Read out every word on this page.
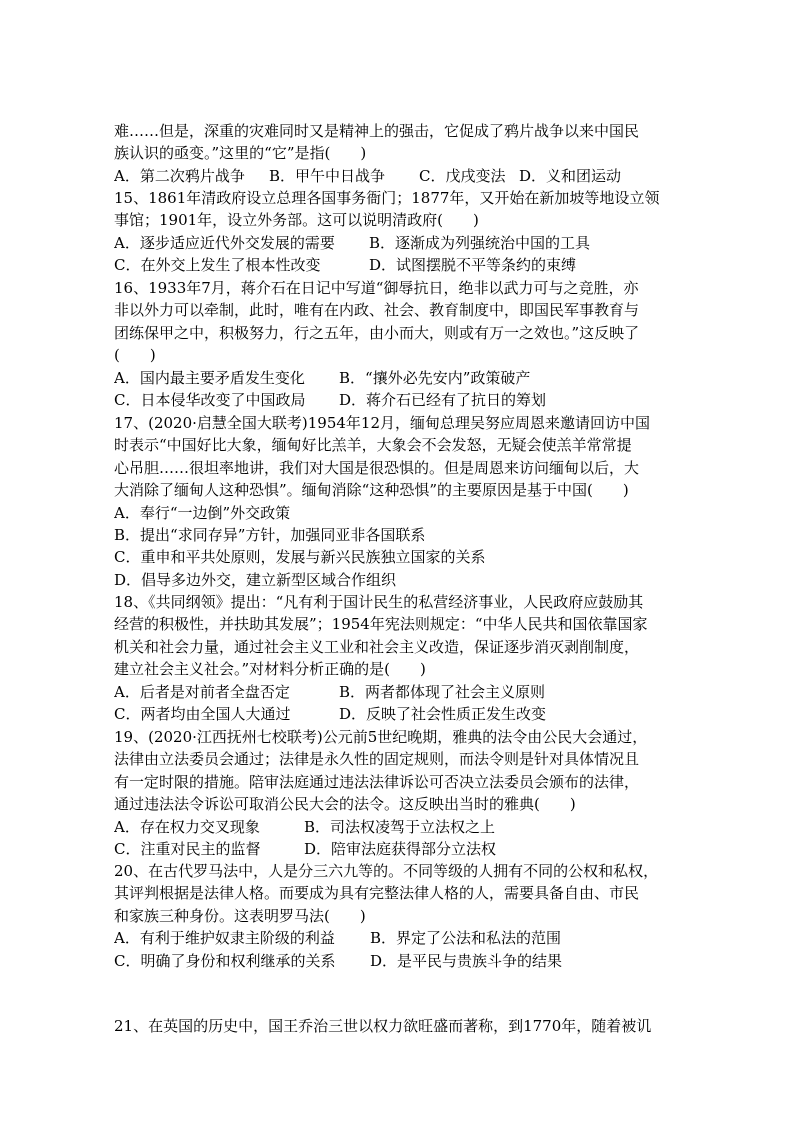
难……但是，深重的灾难同时又是精神上的强击，它促成了鸦片战争以来中国民
族认识的亟变。”这里的“它”是指(　　)
A．第二次鸦片战争	B．甲午中日战争	C．戊戌变法 D．义和团运动
15、1861年清政府设立总理各国事务衙门；1877年，又开始在新加坡等地设立领
事馆；1901年，设立外务部。这可以说明清政府(　　)
A．逐步适应近代外交发展的需要	B．逐渐成为列强统治中国的工具
C．在外交上发生了根本性改变	D．试图摆脱不平等条约的束缚
16、1933年7月，蒋介石在日记中写道“御辱抗日，绝非以武力可与之竞胜，亦
非以外力可以牵制，此时，唯有在内政、社会、教育制度中，即国民军事教育与
团练保甲之中，积极努力，行之五年，由小而大，则或有万一之效也。”这反映了
(　　)
A．国内最主要矛盾发生变化	B．“攘外必先安内”政策破产
C．日本侵华改变了中国政局	D．蒋介石已经有了抗日的筹划
17、(2020·启慧全国大联考)1954年12月，缅甸总理吴努应周恩来邀请回访中国
时表示“中国好比大象，缅甸好比羔羊，大象会不会发怒，无疑会使羔羊常常提
心吊胆……很坦率地讲，我们对大国是很恐惧的。但是周恩来访问缅甸以后，大
大消除了缅甸人这种恐惧”。缅甸消除“这种恐惧”的主要原因是基于中国(　　)
A．奉行“一边倒”外交政策
B．提出“求同存异”方针，加强同亚非各国联系
C．重申和平共处原则，发展与新兴民族独立国家的关系
D．倡导多边外交，建立新型区域合作组织
18、《共同纲领》提出：“凡有利于国计民生的私营经济事业，人民政府应鼓励其
经营的积极性，并扶助其发展”；1954年宪法则规定：“中华人民共和国依靠国家
机关和社会力量，通过社会主义工业和社会主义改造，保证逐步消灭剥削制度，
建立社会主义社会。”对材料分析正确的是(　　)
A．后者是对前者全盘否定	B．两者都体现了社会主义原则
C．两者均由全国人大通过	D．反映了社会性质正发生改变
19、(2020·江西抚州七校联考)公元前5世纪晚期，雅典的法令由公民大会通过，
法律由立法委员会通过；法律是永久性的固定规则，而法令则是针对具体情况且
有一定时限的措施。陪审法庭通过违法法律诉讼可否决立法委员会颁布的法律，
通过违法法令诉讼可取消公民大会的法令。这反映出当时的雅典(　　)
A．存在权力交叉现象	B．司法权凌驾于立法权之上
C．注重对民主的监督	D．陪审法庭获得部分立法权
20、在古代罗马法中，人是分三六九等的。不同等级的人拥有不同的公权和私权，
其评判根据是法律人格。而要成为具有完整法律人格的人，需要具备自由、市民
和家族三种身份。这表明罗马法(　　)
A．有利于维护奴隶主阶级的利益	B．界定了公法和私法的范围
C．明确了身份和权利继承的关系	D．是平民与贵族斗争的结果
21、在英国的历史中，国王乔治三世以权力欲旺盛而著称，到1770年，随着被讥
